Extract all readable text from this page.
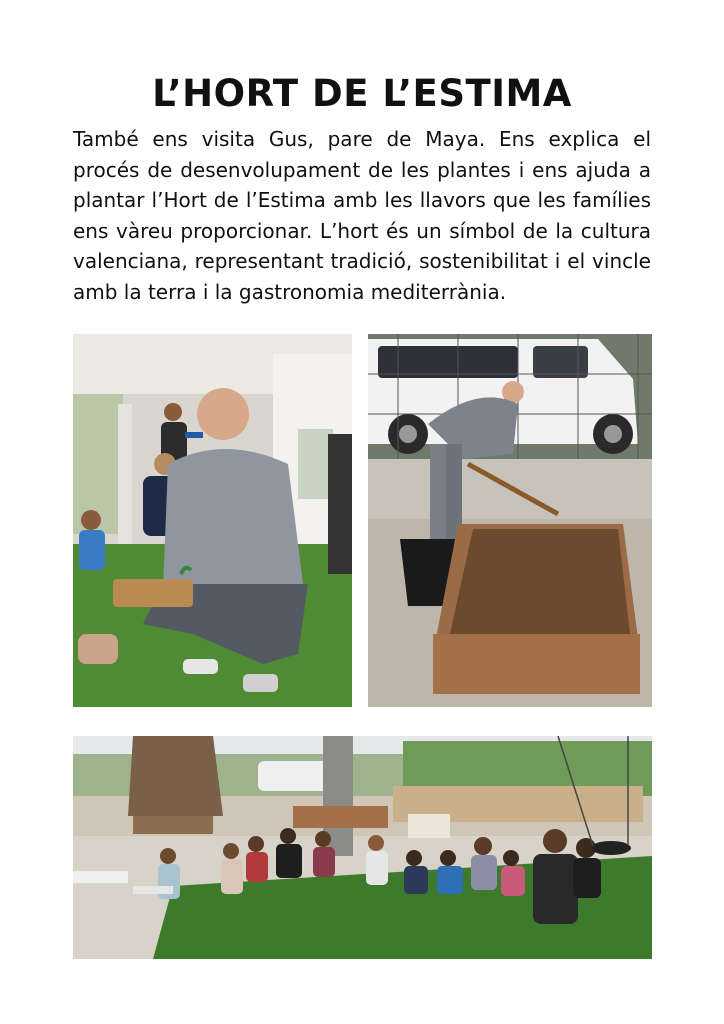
L’HORT DE L’ESTIMA

També ens visita Gus, pare de Maya. Ens explica el procés de desenvolupament de les plantes i ens ajuda a plantar l’Hort de l’Estima amb les llavors que les famílies ens vàreu proporcionar. L’hort és un símbol de la cultura valenciana, representant tradició, sostenibilitat i el vincle amb la terra i la gastronomia mediterrània.
